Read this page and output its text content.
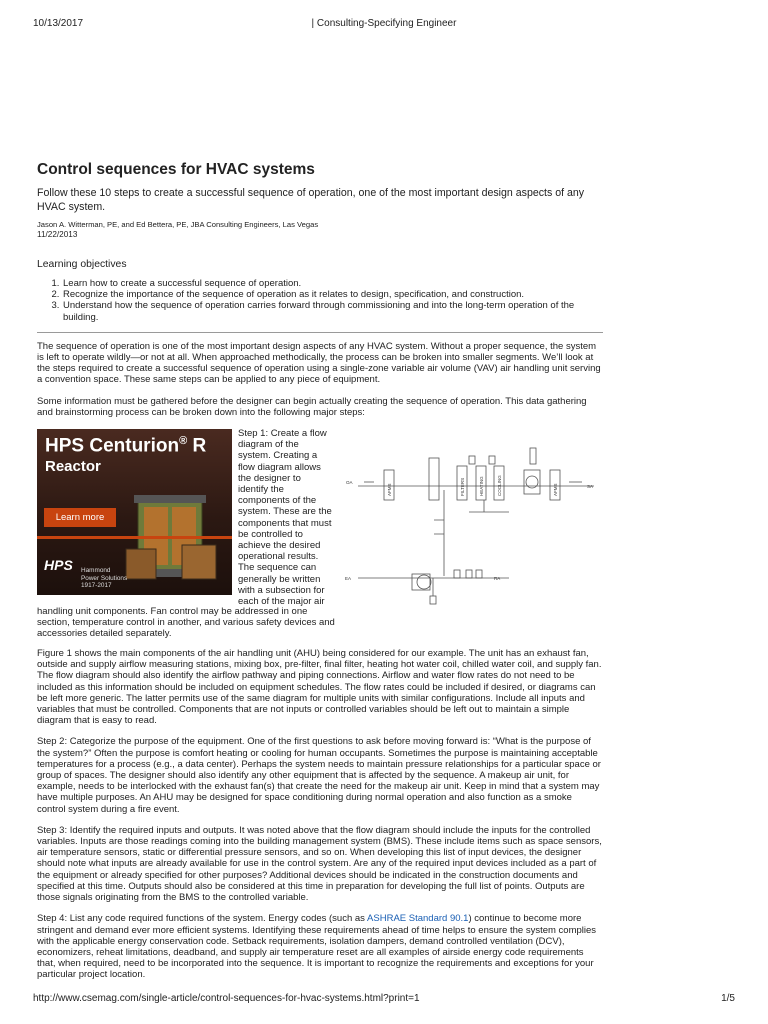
10/13/2017	| Consulting-Specifying Engineer
Control sequences for HVAC systems

Follow these 10 steps to create a successful sequence of operation, one of the most important design aspects of any HVAC system.

Jason A. Witterman, PE, and Ed Bettera, PE, JBA Consulting Engineers, Las Vegas
11/22/2013
Learning objectives
1. Learn how to create a successful sequence of operation.
2. Recognize the importance of the sequence of operation as it relates to design, specification, and construction.
3. Understand how the sequence of operation carries forward through commissioning and into the long-term operation of the building.

The sequence of operation is one of the most important design aspects of any HVAC system. Without a proper sequence, the system is left to operate wildly—or not at all. When approached methodically, the process can be broken into smaller segments. We’ll look at the steps required to create a successful sequence of operation using a single-zone variable air volume (VAV) air handling unit serving a convention space. These same steps can be applied to any piece of equipment.

Some information must be gathered before the designer can begin actually creating the sequence of operation. This data gathering and brainstorming process can be broken down into the following major steps:

HPS Centurion® R
Reactor
Learn more
HPS Hammond
Power Solutions
1917-2017

Step 1: Create a flow diagram of the system. Creating a flow diagram allows the designer to identify the components of the system. These are the components that must be controlled to achieve the desired operational results. The sequence can generally be written with a subsection for each of the major air

OA
SA
EA	RA
AFMS	FILTERS	HEATING	COOLING	AFMS

handling unit components. Fan control may be addressed in one section, temperature control in another, and various safety devices and accessories detailed separately.

Figure 1 shows the main components of the air handling unit (AHU) being considered for our example. The unit has an exhaust fan, outside and supply airflow measuring stations, mixing box, pre-filter, final filter, heating hot water coil, chilled water coil, and supply fan. The flow diagram should also identify the airflow pathway and piping connections. Airflow and water flow rates do not need to be included as this information should be included on equipment schedules. The flow rates could be included if desired, or diagrams can be left more generic. The latter permits use of the same diagram for multiple units with similar configurations. Include all inputs and variables that must be controlled. Components that are not inputs or controlled variables should be left out to maintain a simple diagram that is easy to read.

Step 2: Categorize the purpose of the equipment. One of the first questions to ask before moving forward is: “What is the purpose of the system?” Often the purpose is comfort heating or cooling for human occupants. Sometimes the purpose is maintaining acceptable temperatures for a process (e.g., a data center). Perhaps the system needs to maintain pressure relationships for a particular space or group of spaces. The designer should also identify any other equipment that is affected by the sequence. A makeup air unit, for example, needs to be interlocked with the exhaust fan(s) that create the need for the makeup air unit. Keep in mind that a system may have multiple purposes. An AHU may be designed for space conditioning during normal operation and also function as a smoke control system during a fire event.

Step 3: Identify the required inputs and outputs. It was noted above that the flow diagram should include the inputs for the controlled variables. Inputs are those readings coming into the building management system (BMS). These include items such as space sensors, air temperature sensors, static or differential pressure sensors, and so on. When developing this list of input devices, the designer should note what inputs are already available for use in the control system. Are any of the required input devices included as a part of the equipment or already specified for other purposes? Additional devices should be indicated in the construction documents and specified at this time. Outputs should also be considered at this time in preparation for developing the full list of points. Outputs are those signals originating from the BMS to the controlled variable.

Step 4: List any code required functions of the system. Energy codes (such as ASHRAE Standard 90.1) continue to become more stringent and demand ever more efficient systems. Identifying these requirements ahead of time helps to ensure the system complies with the applicable energy conservation code. Setback requirements, isolation dampers, demand controlled ventilation (DCV), economizers, reheat limitations, deadband, and supply air temperature reset are all examples of airside energy code requirements that, when required, need to be incorporated into the sequence. It is important to recognize the requirements and exceptions for your particular project location.

http://www.csemag.com/single-article/control-sequences-for-hvac-systems.html?print=1	1/5
